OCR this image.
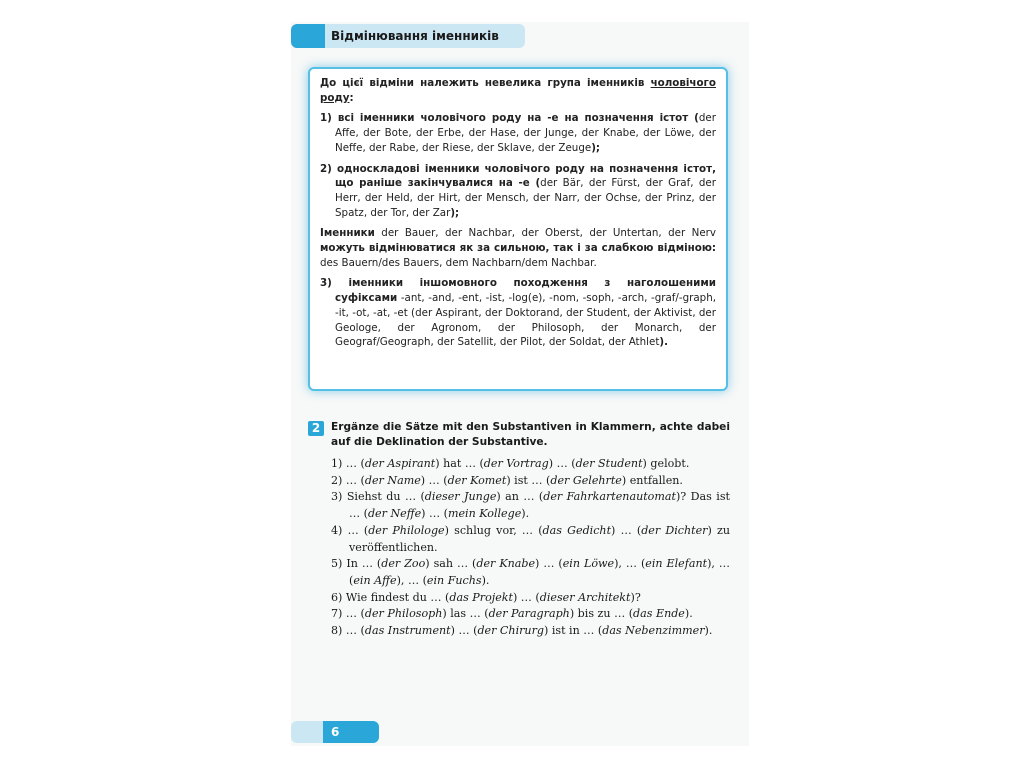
Відмінювання іменників

До цієї відміни належить невелика група іменників чоловічого роду:

1) всі іменники чоловічого роду на -е на позначення істот (der Affe, der Bote, der Erbe, der Hase, der Junge, der Knabe, der Löwe, der Neffe, der Rabe, der Riese, der Sklave, der Zeuge);

2) односкладові іменники чоловічого роду на позначення істот, що раніше закінчувалися на -е (der Bär, der Fürst, der Graf, der Herr, der Held, der Hirt, der Mensch, der Narr, der Ochse, der Prinz, der Spatz, der Tor, der Zar);

Іменники der Bauer, der Nachbar, der Oberst, der Untertan, der Nerv можуть відмінюватися як за сильною, так і за слабкою відміною: des Bauern/des Bauers, dem Nachbarn/dem Nachbar.

3) іменники іншомовного походження з наголошеними суфіксами -ant, -and, -ent, -ist, -log(e), -nom, -soph, -arch, -graf/-graph, -it, -ot, -at, -et (der Aspirant, der Doktorand, der Student, der Aktivist, der Geologe, der Agronom, der Philosoph, der Monarch, der Geograf/Geograph, der Satellit, der Pilot, der Soldat, der Athlet).

2	Ergänze die Sätze mit den Substantiven in Klammern, achte dabei auf die Deklination der Substantive.
1) … (der Aspirant) hat … (der Vortrag) … (der Student) gelobt.
2) … (der Name) … (der Komet) ist … (der Gelehrte) entfallen.
3) Siehst du … (dieser Junge) an … (der Fahrkartenautomat)? Das ist … (der Neffe) … (mein Kollege).
4) … (der Philologe) schlug vor, … (das Gedicht) … (der Dichter) zu veröffentlichen.
5) In … (der Zoo) sah … (der Knabe) … (ein Löwe), … (ein Elefant), … (ein Affe), … (ein Fuchs).
6) Wie findest du … (das Projekt) … (dieser Architekt)?
7) … (der Philosoph) las … (der Paragraph) bis zu … (das Ende).
8) … (das Instrument) … (der Chirurg) ist in … (das Nebenzimmer).
6
